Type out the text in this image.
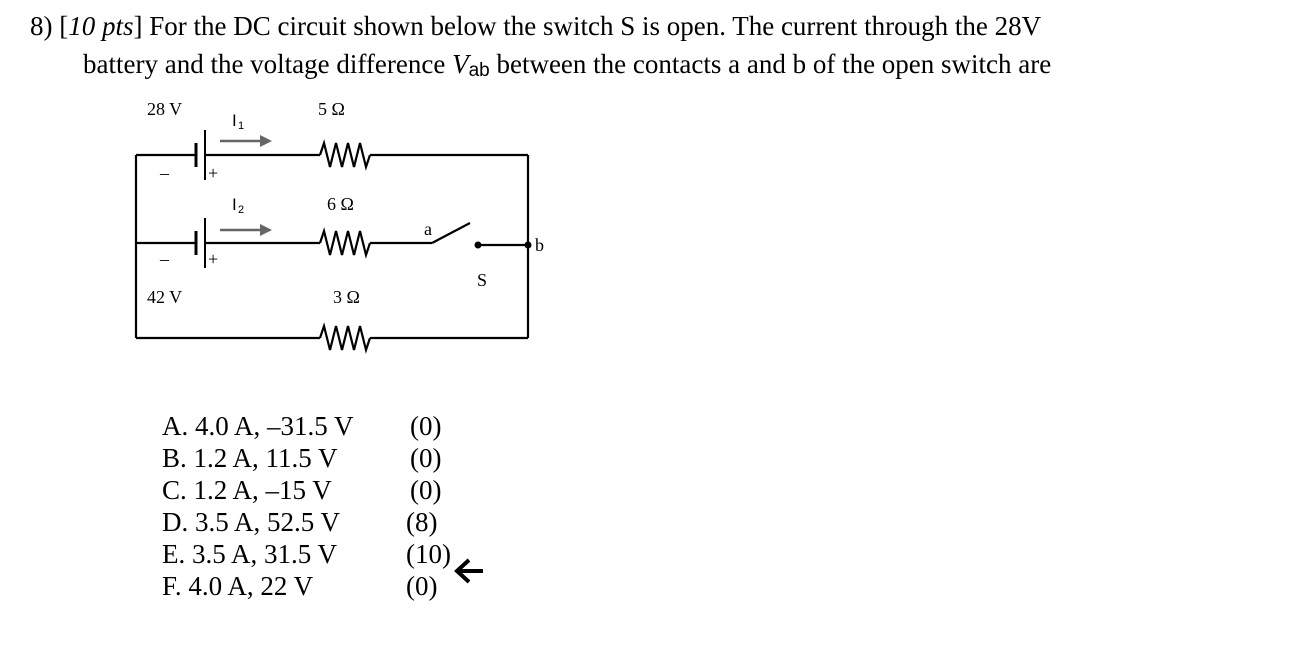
8) [10 pts] For the DC circuit shown below the switch S is open. The current through the 28V
battery and the voltage difference $V_{ab}$ between the contacts a and b of the open switch are
28 V	5 Ω
I 1
I 2	6 Ω
42 V	3 Ω
a
b
S
– +
– +
A. 4.0 A, –31.5 V (0)
B. 1.2 A, 11.5 V	(0)
C. 1.2 A, –15 V	(0)
D. 3.5 A, 52.5 V (8)
E. 3.5 A, 31.5 V	(10)
F. 4.0 A, 22 V	(0)
